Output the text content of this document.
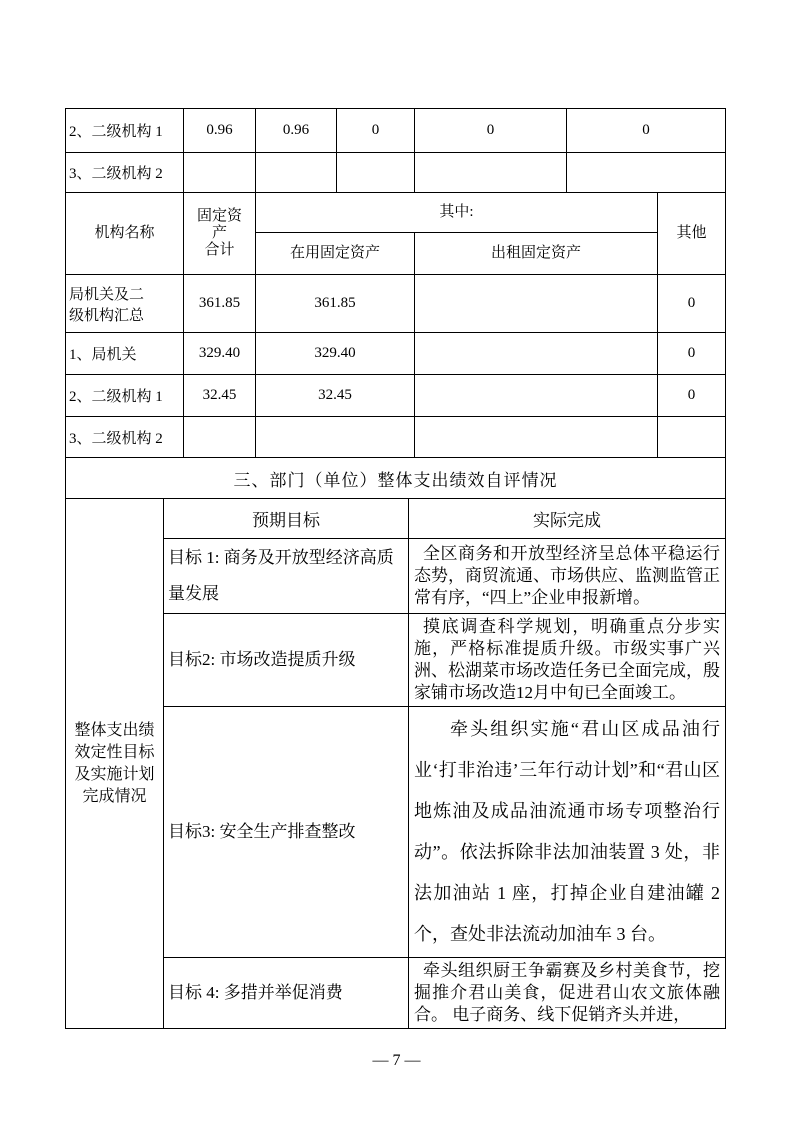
2、二级机构 1	0.96	0.96	0	0	0
3、二级机构 2					
机构名称	固定资
产
合计	其中:		其他
		在用固定资产	出租固定资产	
局机关及二
级机构汇总	361.85	361.85		0
1、局机关	329.40	329.40		0
2、二级机构 1	32.45	32.45		0
3、二级机构 2				
三、部门（单位）整体支出绩效自评情况		
整体支出绩效定性目标及实施计划完成情况	预期目标	实际完成
	目标 1: 商务及开放型经济高质量发展	全区商务和开放型经济呈总体平稳运行态势，商贸流通、市场供应、监测监管正常有序，“四上”企业申报新增。
	目标2: 市场改造提质升级	摸底调查科学规划，明确重点分步实施，严格标准提质升级。市级实事广兴洲、松湖菜市场改造任务已全面完成，殷家铺市场改造12月中旬已全面竣工。
	目标3: 安全生产排查整改	牵头组织实施“君山区成品油行业‘打非治违’三年行动计划”和“君山区地炼油及成品油流通市场专项整治行动”。依法拆除非法加油装置 3 处，非法加油站 1 座，打掉企业自建油罐 2 个，查处非法流动加油车 3 台。
	目标 4: 多措并举促消费	牵头组织厨王争霸赛及乡村美食节，挖掘推介君山美食，促进君山农文旅体融合。 电子商务、线下促销齐头并进，
— 7 —
